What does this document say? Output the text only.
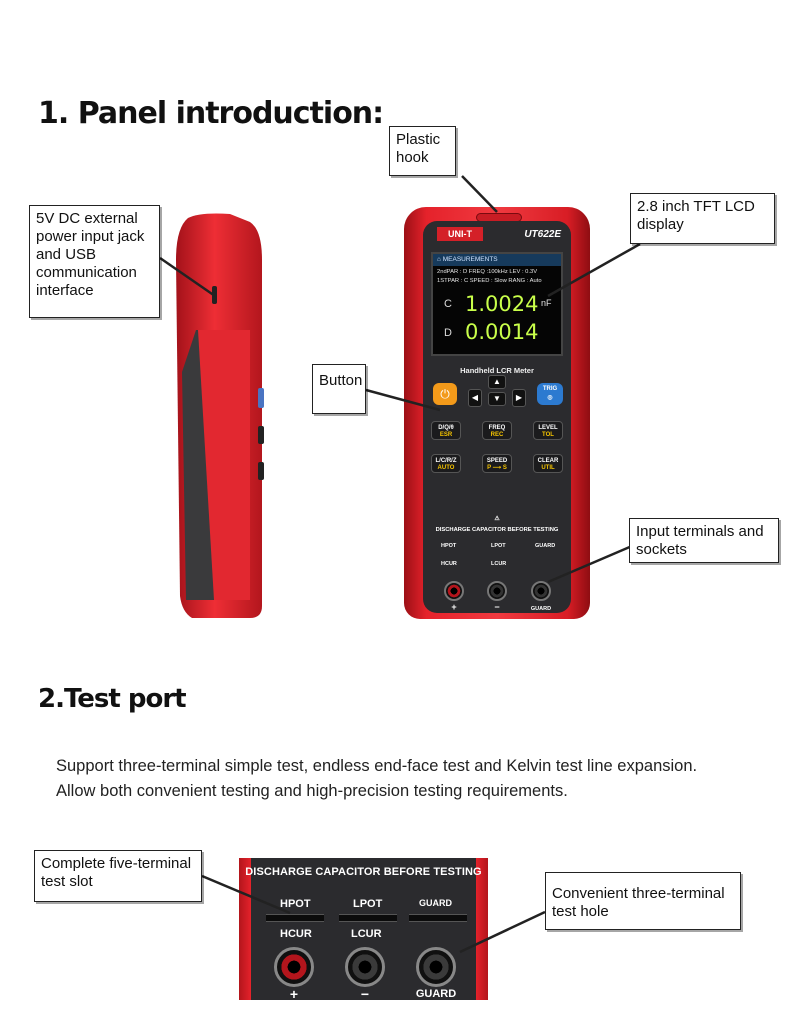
1. Panel introduction:
UNI-T	UT622E
⌂ MEASUREMENTS
2ndPAR : D FREQ :100kHz LEV : 0.3V
1STPAR : C SPEED : Slow RANG : Auto
C 1.0024 nF
D 0.0014
Handheld LCR Meter
⏻
▲
◀	▼	▶
TRIG
◎
D/Q/θ
ESR
FREQ
REC
LEVEL
TOL
L/C/R/Z
AUTO
SPEED
P ⟶ S
CLEAR
UTIL
⚠
DISCHARGE CAPACITOR BEFORE TESTING
HPOT	LPOT	GUARD
HCUR	LCUR
+	−	GUARD
Plastic
hook
5V DC external
power input jack
and USB
communication
interface
2.8 inch TFT LCD
display
Button
Input terminals and
sockets
2.Test port
Support three-terminal simple test, endless end-face test and Kelvin test line expansion.
Allow both convenient testing and high-precision testing requirements.
DISCHARGE CAPACITOR BEFORE TESTING
HPOT	LPOT	GUARD
HCUR	LCUR
+	−	GUARD
Complete five-terminal
test slot
Convenient three-terminal
test hole
